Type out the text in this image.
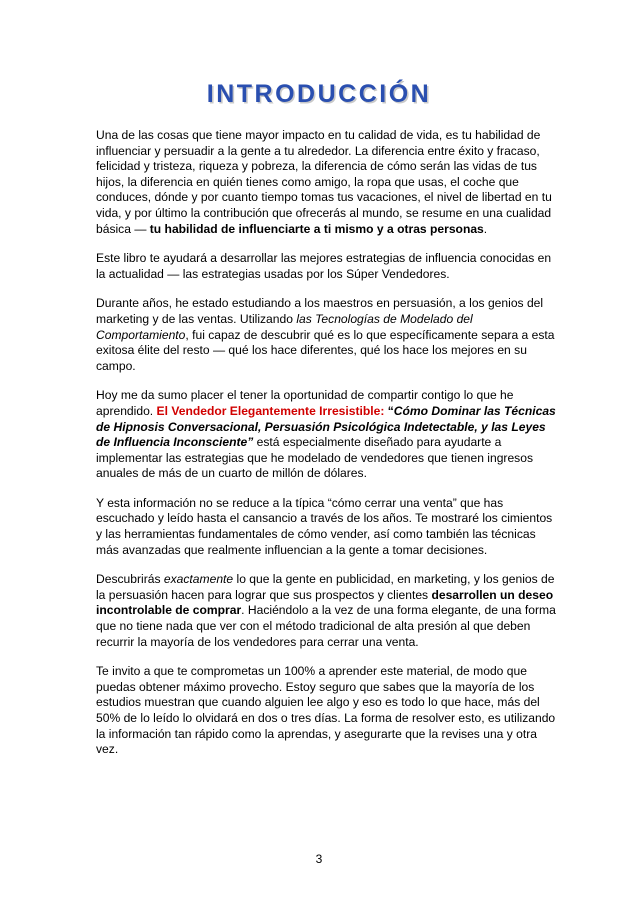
INTRODUCCIÓN

Una de las cosas que tiene mayor impacto en tu calidad de vida, es tu habilidad de influenciar y persuadir a la gente a tu alrededor. La diferencia entre éxito y fracaso, felicidad y tristeza, riqueza y pobreza, la diferencia de cómo serán las vidas de tus hijos, la diferencia en quién tienes como amigo, la ropa que usas, el coche que conduces, dónde y por cuanto tiempo tomas tus vacaciones, el nivel de libertad en tu vida, y por último la contribución que ofrecerás al mundo, se resume en una cualidad básica — tu habilidad de influenciarte a ti mismo y a otras personas.

Este libro te ayudará a desarrollar las mejores estrategias de influencia conocidas en la actualidad — las estrategias usadas por los Súper Vendedores.

Durante años, he estado estudiando a los maestros en persuasión, a los genios del marketing y de las ventas. Utilizando las Tecnologías de Modelado del Comportamiento, fui capaz de descubrir qué es lo que específicamente separa a esta exitosa élite del resto — qué los hace diferentes, qué los hace los mejores en su campo.

Hoy me da sumo placer el tener la oportunidad de compartir contigo lo que he aprendido. El Vendedor Elegantemente Irresistible: “Cómo Dominar las Técnicas de Hipnosis Conversacional, Persuasión Psicológica Indetectable, y las Leyes de Influencia Inconsciente” está especialmente diseñado para ayudarte a implementar las estrategias que he modelado de vendedores que tienen ingresos anuales de más de un cuarto de millón de dólares.

Y esta información no se reduce a la típica “cómo cerrar una venta” que has escuchado y leído hasta el cansancio a través de los años. Te mostraré los cimientos y las herramientas fundamentales de cómo vender, así como también las técnicas más avanzadas que realmente influencian a la gente a tomar decisiones.

Descubrirás exactamente lo que la gente en publicidad, en marketing, y los genios de la persuasión hacen para lograr que sus prospectos y clientes desarrollen un deseo incontrolable de comprar. Haciéndolo a la vez de una forma elegante, de una forma que no tiene nada que ver con el método tradicional de alta presión al que deben recurrir la mayoría de los vendedores para cerrar una venta.

Te invito a que te comprometas un 100% a aprender este material, de modo que puedas obtener máximo provecho. Estoy seguro que sabes que la mayoría de los estudios muestran que cuando alguien lee algo y eso es todo lo que hace, más del 50% de lo leído lo olvidará en dos o tres días. La forma de resolver esto, es utilizando la información tan rápido como la aprendas, y asegurarte que la revises una y otra vez.

3
